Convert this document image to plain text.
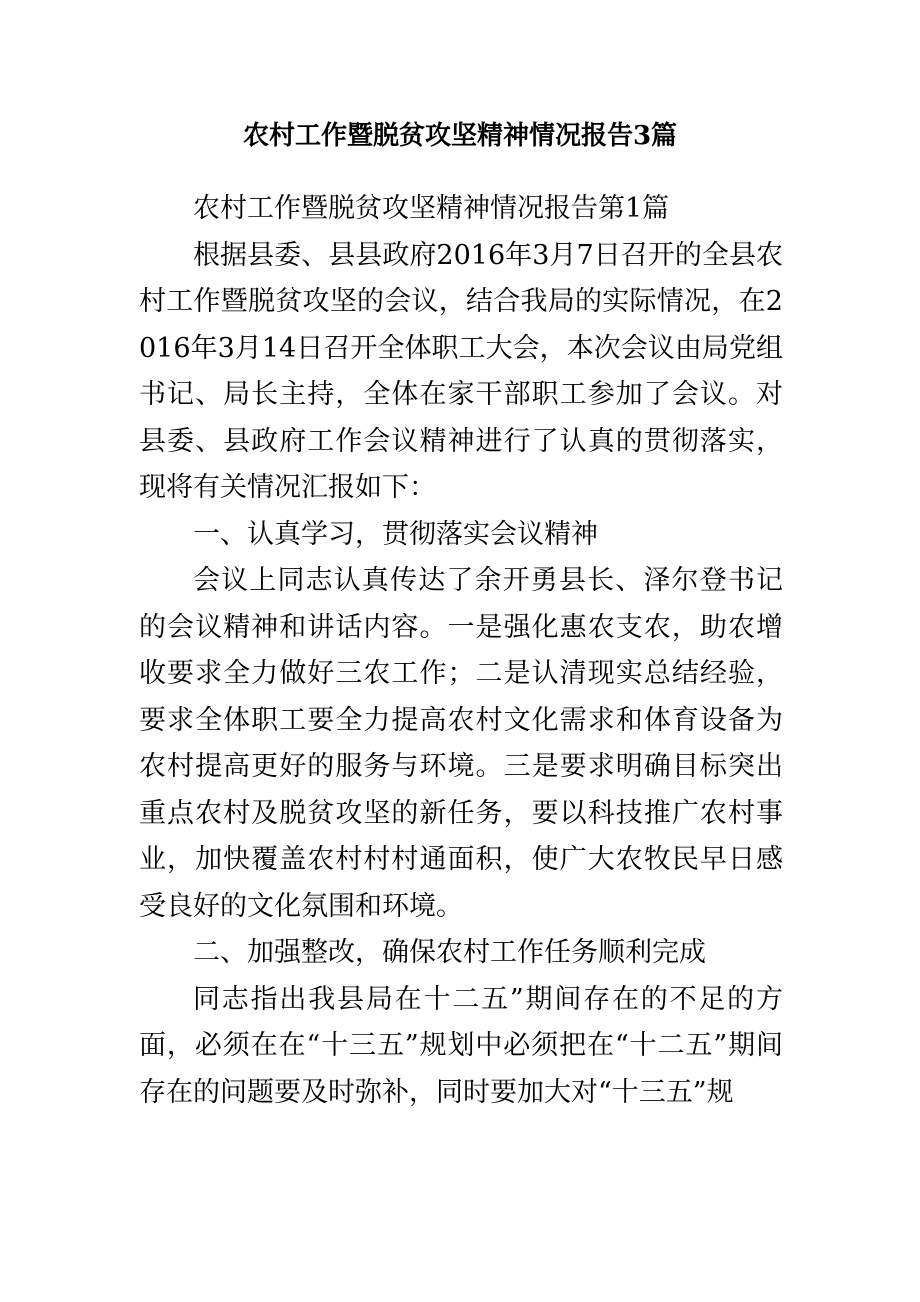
农村工作暨脱贫攻坚精神情况报告3篇

农村工作暨脱贫攻坚精神情况报告第1篇

根据县委、县县政府2016年3月7日召开的全县农村工作暨脱贫攻坚的会议，结合我局的实际情况，在2016年3月14日召开全体职工大会，本次会议由局党组书记、局长主持，全体在家干部职工参加了会议。对县委、县政府工作会议精神进行了认真的贯彻落实，现将有关情况汇报如下：

一、认真学习，贯彻落实会议精神

会议上同志认真传达了余开勇县长、泽尔登书记的会议精神和讲话内容。一是强化惠农支农，助农增收要求全力做好三农工作；二是认清现实总结经验，要求全体职工要全力提高农村文化需求和体育设备为农村提高更好的服务与环境。三是要求明确目标突出重点农村及脱贫攻坚的新任务，要以科技推广农村事业，加快覆盖农村村村通面积，使广大农牧民早日感受良好的文化氛围和环境。

二、加强整改，确保农村工作任务顺利完成

同志指出我县局在十二五”期间存在的不足的方面，必须在在“十三五”规划中必须把在“十二五”期间存在的问题要及时弥补，同时要加大对“十三五”规
